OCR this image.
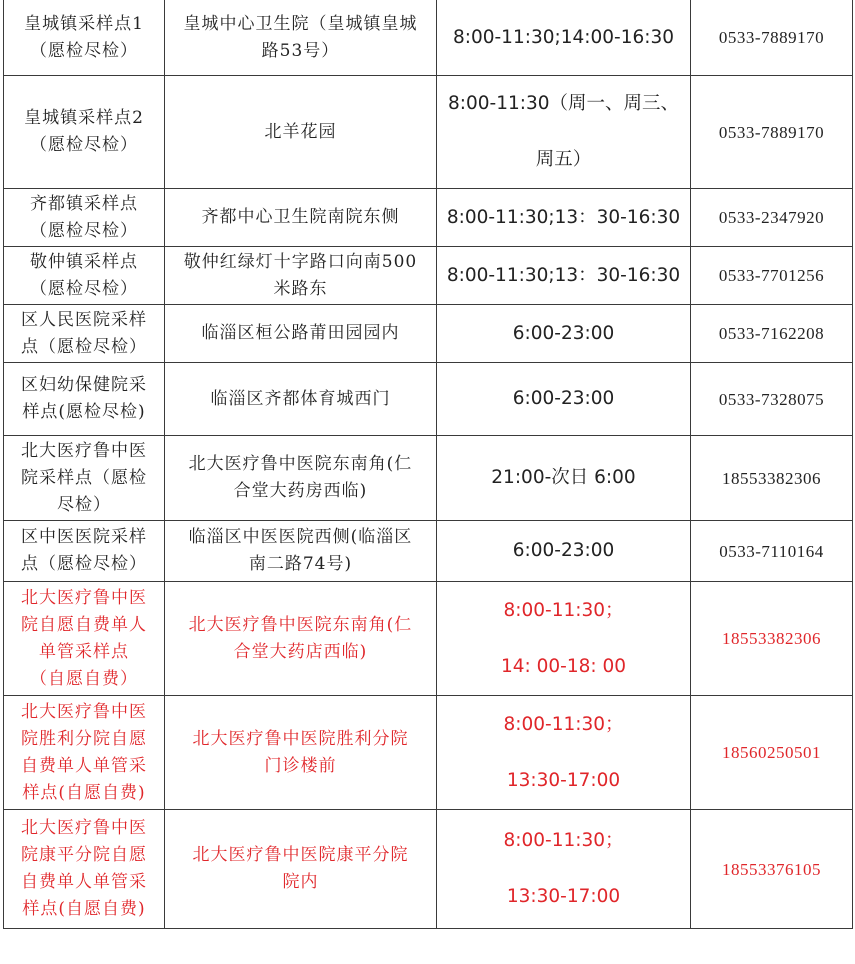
皇城镇采样点1
（愿检尽检）	皇城中心卫生院（皇城镇皇城
路53号）	8:00-11:30;14:00-16:30	0533-7889170

皇城镇采样点2
（愿检尽检）	北羊花园	8:00-11:30（周一、周三、
周五）	0533-7889170

齐都镇采样点
（愿检尽检）	齐都中心卫生院南院东侧	8:00-11:30;13：30-16:30	0533-2347920

敬仲镇采样点
（愿检尽检）	敬仲红绿灯十字路口向南500
米路东	8:00-11:30;13：30-16:30	0533-7701256

区人民医院采样
点（愿检尽检）	临淄区桓公路莆田园园内	6:00-23:00	0533-7162208

区妇幼保健院采
样点(愿检尽检)	临淄区齐都体育城西门	6:00-23:00	0533-7328075

北大医疗鲁中医
院采样点（愿检
尽检）	北大医疗鲁中医院东南角(仁
合堂大药房西临)	21:00-次日 6:00	18553382306

区中医医院采样
点（愿检尽检）	临淄区中医医院西侧(临淄区
南二路74号)	6:00-23:00	0533-7110164

北大医疗鲁中医
院自愿自费单人
单管采样点
（自愿自费）	北大医疗鲁中医院东南角(仁
合堂大药店西临)	8:00-11:30；
14: 00-18: 00	18553382306

北大医疗鲁中医
院胜利分院自愿
自费单人单管采
样点(自愿自费)	北大医疗鲁中医院胜利分院
门诊楼前	8:00-11:30；
13:30-17:00	18560250501

北大医疗鲁中医
院康平分院自愿
自费单人单管采
样点(自愿自费)	北大医疗鲁中医院康平分院
院内	8:00-11:30；
13:30-17:00	18553376105
